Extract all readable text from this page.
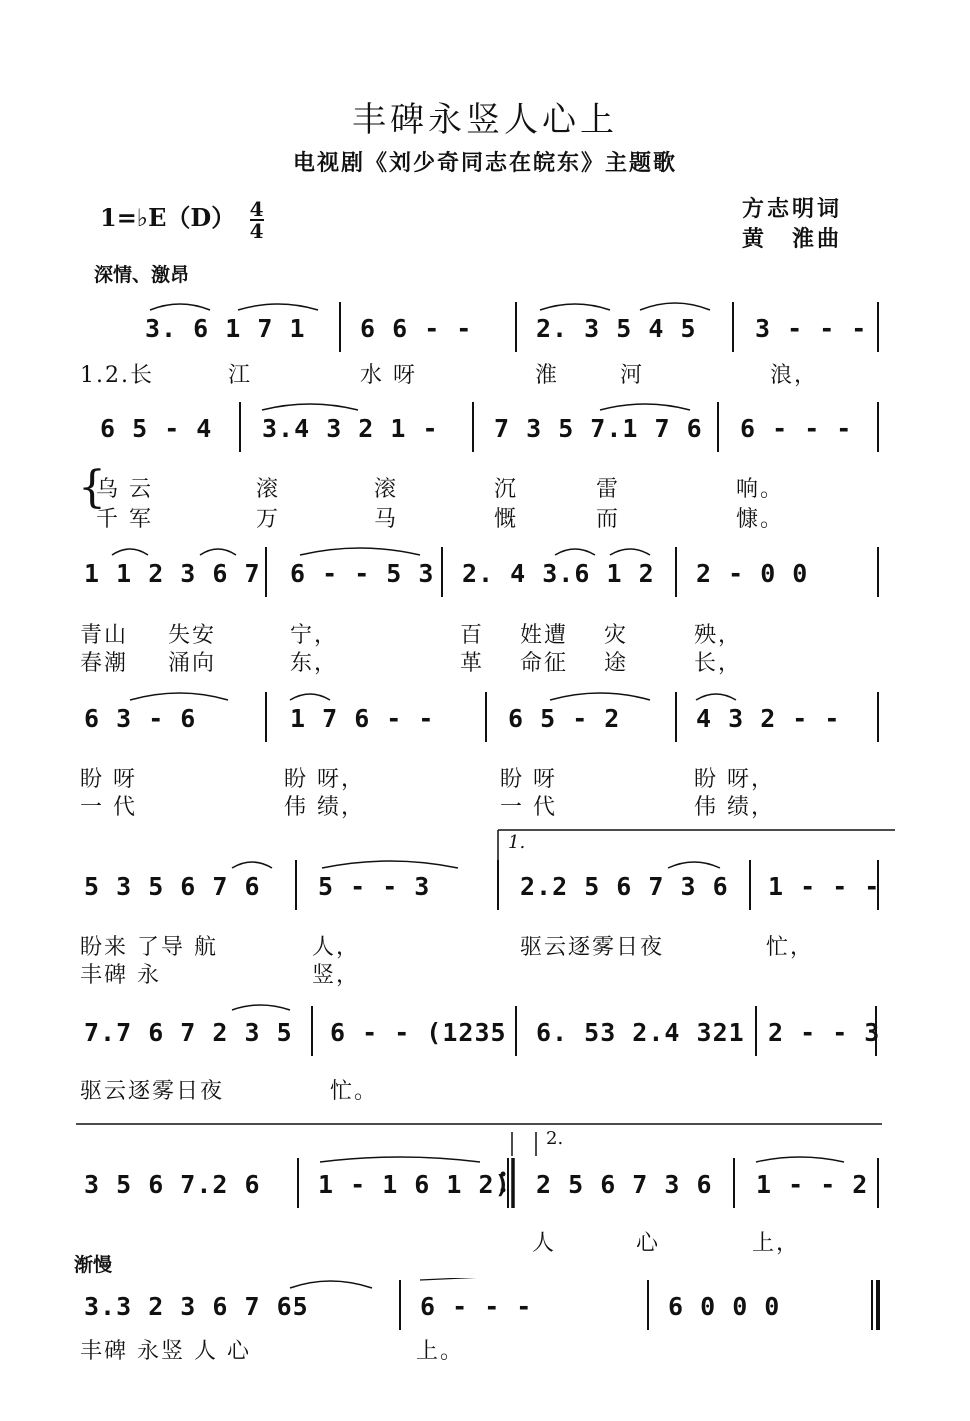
丰碑永竖人心上
电视剧《刘少奇同志在皖东》主题歌
1=♭E（D） $\frac{4}{4}$	方志明词
黄　淮曲
深情、激昂
3. 6 1 7 1 6 6 - -	2. 3 5 4 5 3 - - -
1.2.长	江	水 呀	淮	河	浪，
6 5 - 4 3.4 3 2 1 - 7 3 5 7.1 7 6 6 - - -
{
乌 云	滚	滚	沉	雷	响。
千 军	万	马	慨	而	慷。
1 1 2 3 6 7 6 - - 5 3 2. 4 3.6 1 2 2 - 0 0
青山 失安	宁，	百 姓遭 灾	殃，
春潮 涌向	东，	革 命征 途	长，
6 3 - 6	1 7 6 - -	6 5 - 2	4 3 2 - -
盼 呀	盼 呀，	盼 呀	盼 呀，
一 代	伟 绩，	一 代	伟 绩，
1.
5 3 5 6 7 6 5 - - 3	2.2 5 6 7 3 6 1 - - -
盼来 了导 航	人，	驱云逐雾日夜	忙，
丰碑 永	竖，
7.7 6 7 2 3 5 6 - - (1235 6. 53 2.4 321 2 - - 3
驱云逐雾日夜	忙。
2.
3 5 6 7.2 6 1 - 1 6 1 2) 2 5 6 7 3 6 1 - - 2
人	心	上，
渐慢
3.3 2 3 6 7 65	6 - - -	6 0 0 0
丰碑 永竖 人 心	上。
